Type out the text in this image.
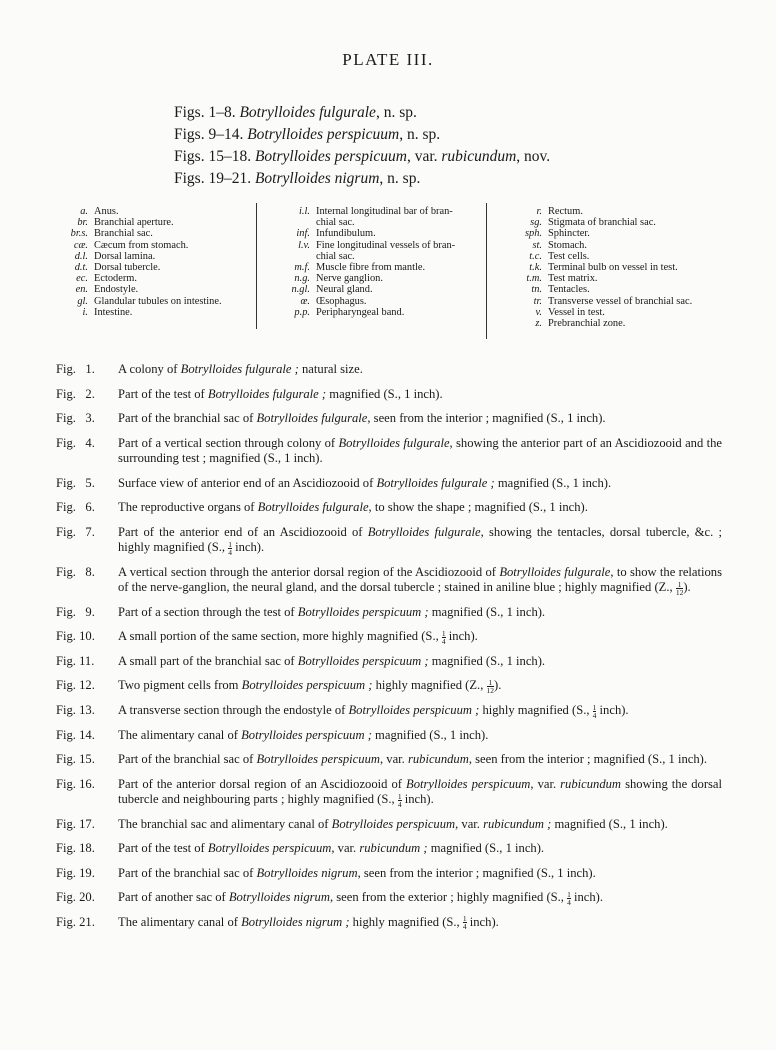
PLATE III.
Figs. 1–8. Botrylloides fulgurale, n. sp.
Figs. 9–14. Botrylloides perspicuum, n. sp.
Figs. 15–18. Botrylloides perspicuum, var. rubicundum, nov.
Figs. 19–21. Botrylloides nigrum, n. sp.
a. Anus.
br. Branchial aperture.
br.s. Branchial sac.
cæ. Cæcum from stomach.
d.l. Dorsal lamina.
d.t. Dorsal tubercle.
ec. Ectoderm.
en. Endostyle.
gl. Glandular tubules on intestine.
i. Intestine.
i.l. Internal longitudinal bar of bran-
chial sac.
inf. Infundibulum.
l.v. Fine longitudinal vessels of bran-
chial sac.
m.f. Muscle fibre from mantle.
n.g. Nerve ganglion.
n.gl. Neural gland.
œ. Œsophagus.
p.p. Peripharyngeal band.
r. Rectum.
sg. Stigmata of branchial sac.
sph. Sphincter.
st. Stomach.
t.c. Test cells.
t.k. Terminal bulb on vessel in test.
t.m. Test matrix.
tn. Tentacles.
tr. Transverse vessel of branchial sac.
v. Vessel in test.
z. Prebranchial zone.
Fig.   1.	A colony of Botrylloides fulgurale ; natural size.
Fig.   2.	Part of the test of Botrylloides fulgurale ; magnified (S., 1 inch).
Fig.   3.	Part of the branchial sac of Botrylloides fulgurale, seen from the interior ; magnified (S., 1 inch).
Fig.   4.	Part of a vertical section through colony of Botrylloides fulgurale, showing the anterior part of an Ascidiozooid and the surrounding test ; magnified (S., 1 inch).
Fig.   5.	Surface view of anterior end of an Ascidiozooid of Botrylloides fulgurale ; magnified (S., 1 inch).
Fig.   6.	The reproductive organs of Botrylloides fulgurale, to show the shape ; magnified (S., 1 inch).
Fig.   7.	Part of the anterior end of an Ascidiozooid of Botrylloides fulgurale, showing the tentacles, dorsal tubercle, &c. ; highly magnified (S., $\frac{1}{4}$ inch).
Fig.   8.	A vertical section through the anterior dorsal region of the Ascidiozooid of Botrylloides fulgurale, to show the relations of the nerve-ganglion, the neural gland, and the dorsal tubercle ; stained in aniline blue ; highly magnified (Z., $\frac{1}{12}$ ).
Fig.   9.	Part of a section through the test of Botrylloides perspicuum ; magnified (S., 1 inch).
Fig. 10.	A small portion of the same section, more highly magnified (S., $\frac{1}{4}$ inch).
Fig. 11.	A small part of the branchial sac of Botrylloides perspicuum ; magnified (S., 1 inch).
Fig. 12.	Two pigment cells from Botrylloides perspicuum ; highly magnified (Z., $\frac{1}{12}$ ).
Fig. 13.	A transverse section through the endostyle of Botrylloides perspicuum ; highly magnified (S., $\frac{1}{4}$ inch).
Fig. 14.	The alimentary canal of Botrylloides perspicuum ; magnified (S., 1 inch).
Fig. 15.	Part of the branchial sac of Botrylloides perspicuum, var. rubicundum, seen from the interior ; magnified (S., 1 inch).
Fig. 16.	Part of the anterior dorsal region of an Ascidiozooid of Botrylloides perspicuum, var. rubicundum showing the dorsal tubercle and neighbouring parts ; highly magnified (S., $\frac{1}{4}$ inch).
Fig. 17.	The branchial sac and alimentary canal of Botrylloides perspicuum, var. rubicundum ; magnified (S., 1 inch).
Fig. 18.	Part of the test of Botrylloides perspicuum, var. rubicundum ; magnified (S., 1 inch).
Fig. 19.	Part of the branchial sac of Botrylloides nigrum, seen from the interior ; magnified (S., 1 inch).
Fig. 20.	Part of another sac of Botrylloides nigrum, seen from the exterior ; highly magnified (S., $\frac{1}{4}$ inch).
Fig. 21.	The alimentary canal of Botrylloides nigrum ; highly magnified (S., $\frac{1}{4}$ inch).
